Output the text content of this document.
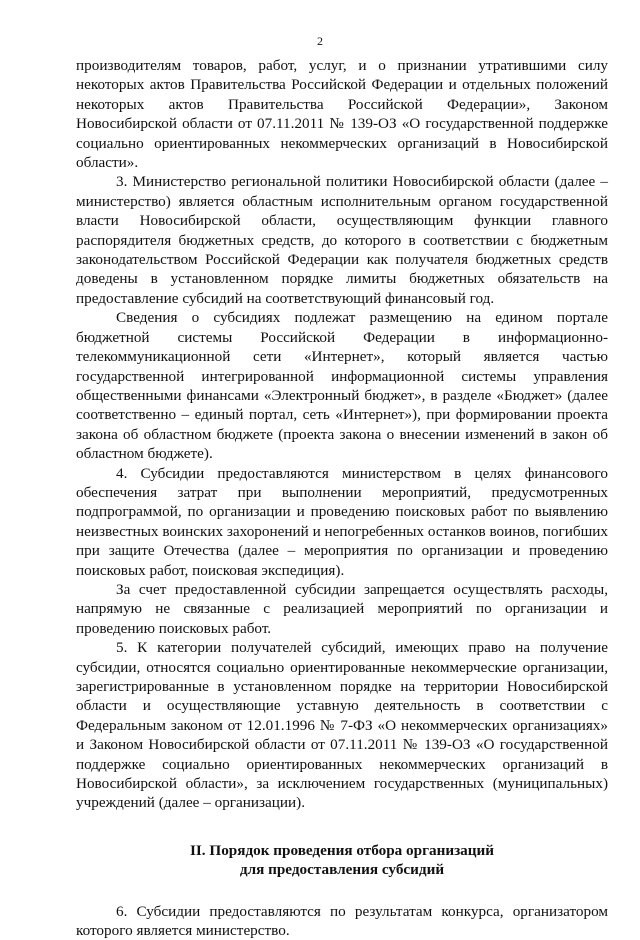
2

производителям товаров, работ, услуг, и о признании утратившими силу некоторых актов Правительства Российской Федерации и отдельных положений некоторых актов Правительства Российской Федерации», Законом Новосибирской области от 07.11.2011 № 139-ОЗ «О государственной поддержке социально ориентированных некоммерческих организаций в Новосибирской области».

3. Министерство региональной политики Новосибирской области (далее – министерство) является областным исполнительным органом государственной власти Новосибирской области, осуществляющим функции главного распорядителя бюджетных средств, до которого в соответствии с бюджетным законодательством Российской Федерации как получателя бюджетных средств доведены в установленном порядке лимиты бюджетных обязательств на предоставление субсидий на соответствующий финансовый год.

Сведения о субсидиях подлежат размещению на едином портале бюджетной системы Российской Федерации в информационно-телекоммуникационной сети «Интернет», который является частью государственной интегрированной информационной системы управления общественными финансами «Электронный бюджет», в разделе «Бюджет» (далее соответственно – единый портал, сеть «Интернет»), при формировании проекта закона об областном бюджете (проекта закона о внесении изменений в закон об областном бюджете).

4. Субсидии предоставляются министерством в целях финансового обеспечения затрат при выполнении мероприятий, предусмотренных подпрограммой, по организации и проведению поисковых работ по выявлению неизвестных воинских захоронений и непогребенных останков воинов, погибших при защите Отечества (далее – мероприятия по организации и проведению поисковых работ, поисковая экспедиция).

За счет предоставленной субсидии запрещается осуществлять расходы, напрямую не связанные с реализацией мероприятий по организации и проведению поисковых работ.

5. К категории получателей субсидий, имеющих право на получение субсидии, относятся социально ориентированные некоммерческие организации, зарегистрированные в установленном порядке на территории Новосибирской области и осуществляющие уставную деятельность в соответствии с Федеральным законом от 12.01.1996 № 7-ФЗ «О некоммерческих организациях» и Законом Новосибирской области от 07.11.2011 № 139-ОЗ «О государственной поддержке социально ориентированных некоммерческих организаций в Новосибирской области», за исключением государственных (муниципальных) учреждений (далее – организации).

II. Порядок проведения отбора организаций
для предоставления субсидий

6. Субсидии предоставляются по результатам конкурса, организатором которого является министерство.
